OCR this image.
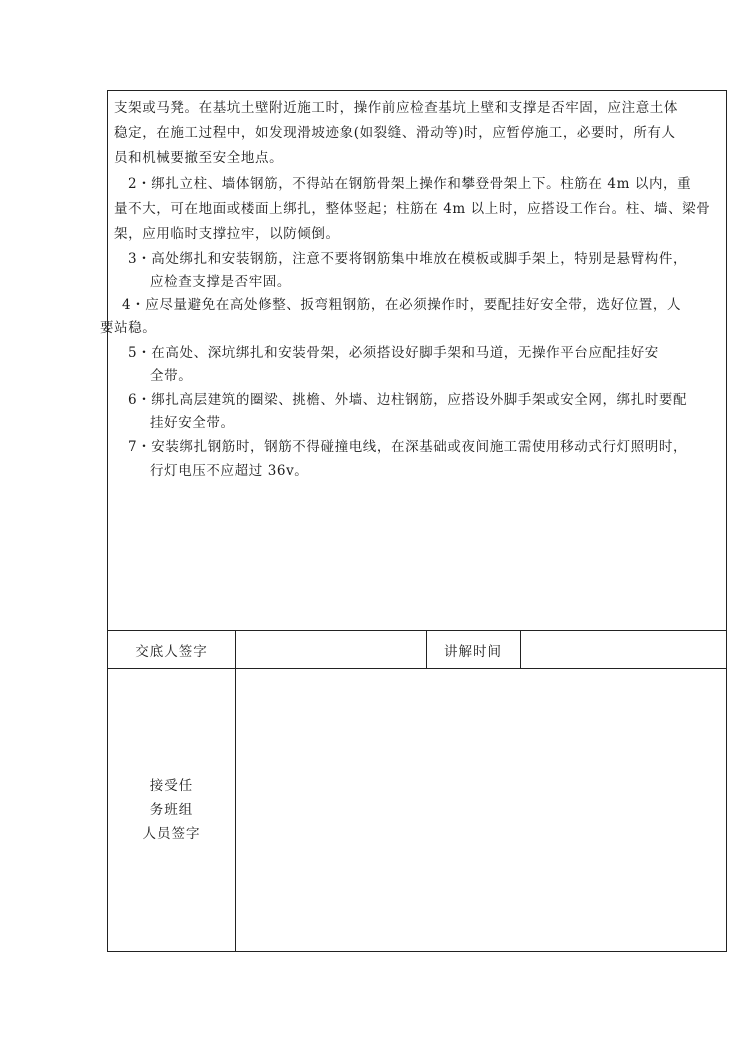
支架或马凳。在基坑土壁附近施工时，操作前应检查基坑上壁和支撑是否牢固，应注意土体
稳定，在施工过程中，如发现滑坡迹象(如裂缝、滑动等)时，应暂停施工，必要时，所有人
员和机械要撤至安全地点。
2・绑扎立柱、墙体钢筋，不得站在钢筋骨架上操作和攀登骨架上下。柱筋在 4m 以内，重
量不大，可在地面或楼面上绑扎，整体竖起；柱筋在 4m 以上时，应搭设工作台。柱、墙、梁骨
架，应用临时支撑拉牢，以防倾倒。
3・高处绑扎和安装钢筋，注意不要将钢筋集中堆放在模板或脚手架上，特别是悬臂构件，
应检查支撑是否牢固。
4・应尽量避免在高处修整、扳弯粗钢筋，在必须操作时，要配挂好安全带，选好位置，人
要站稳。
5・在高处、深坑绑扎和安装骨架，必须搭设好脚手架和马道，无操作平台应配挂好安
全带。
6・绑扎高层建筑的圈梁、挑檐、外墙、边柱钢筋，应搭设外脚手架或安全网，绑扎时要配
挂好安全带。
7・安装绑扎钢筋时，钢筋不得碰撞电线，在深基础或夜间施工需使用移动式行灯照明时，
行灯电压不应超过 36v。
交底人签字	讲解时间
接受任
务班组
人员签字
